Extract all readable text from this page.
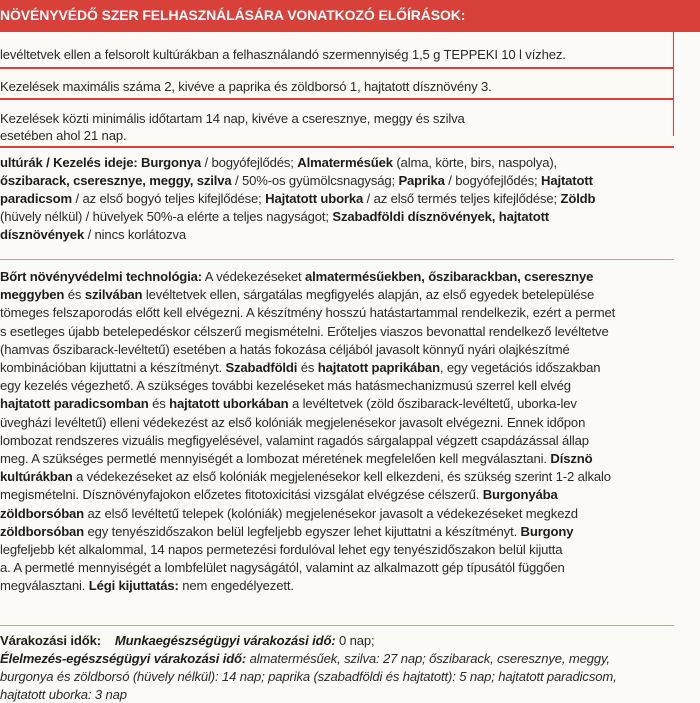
NÖVÉNYVÉDŐ SZER FELHASZNÁLÁSÁRA VONATKOZÓ ELŐÍRÁSOK:
levéltetvek ellen a felsorolt kultúrákban a felhasználandó szermennyiség 1,5 g TEPPEKI 10 l vízhez.
Kezelések maximális száma 2, kivéve a paprika és zöldborsó 1, hajtatott dísznövény 3.
Kezelések közti minimális időtartam 14 nap, kivéve a cseresznye, meggy és szilva
esetében ahol 21 nap.
ultúrák / Kezelés ideje: Burgonya / bogyófejlődés; Almatermésűek (alma, körte, birs, naspolya),
őszibarack, cseresznye, meggy, szilva / 50%-os gyümölcsnagyság; Paprika / bogyófejlődés; Hajtatott
paradicsom / az első bogyó teljes kifejlődése; Hajtatott uborka / az első termés teljes kifejlődése; Zöldb
(hüvely nélkül) / hüvelyek 50%-a elérte a teljes nagyságot; Szabadföldi dísznövények, hajtatott
dísznövények / nincs korlátozva
Bőrt növényvédelmi technológia: A védekezéseket almatermésűekben, őszibarackban, cseresznye
meggyben és szilvában levéltetvek ellen, sárgatálas megfigyelés alapján, az első egyedek betelepülése
tömeges felszaporodás előtt kell elvégezni. A készítmény hosszú hatástartammal rendelkezik, ezért a permet
s esetleges újabb betelepedéskor célszerű megismételni. Erőteljes viaszos bevonattal rendelkező levéltetve
(hamvas őszibarack-levéltetű) esetében a hatás fokozása céljából javasolt könnyű nyári olajkészítmé
kombinációban kijuttatni a készítményt. Szabadföldi és hajtatott paprikában, egy vegetációs időszakban
egy kezelés végezhető. A szükséges további kezeléseket más hatásmechanizmusú szerrel kell elvég
hajtatott paradicsomban és hajtatott uborkában a levéltetvek (zöld őszibarack-levéltetű, uborka-lev
üvegházi levéltetű) elleni védekezést az első kolóniák megjelenésekor javasolt elvégezni. Ennek időpon
lombozat rendszeres vizuális megfigyelésével, valamint ragadós sárgalappal végzett csapdázással állap
meg. A szükséges permetlé mennyiségét a lombozat méretének megfelelően kell megválasztani. Dísznö
kultúrákban a védekezéseket az első kolóniák megjelenésekor kell elkezdeni, és szükség szerint 1-2 alkalo
megismételni. Dísznövényfajokon előzetes fitotoxicitási vizsgálat elvégzése célszerű. Burgonyába
zöldborsóban az első levéltetű telepek (kolóniák) megjelenésekor javasolt a védekezéseket megkezd
zöldborsóban egy tenyészidőszakon belül legfeljebb egyszer lehet kijuttatni a készítményt. Burgony
legfeljebb két alkalommal, 14 napos permetezési fordulóval lehet egy tenyészidőszakon belül kijutta
a. A permetlé mennyiségét a lombfelület nagyságától, valamint az alkalmazott gép típusától függően
megválasztani. Légi kijuttatás: nem engedélyezett.
Várakozási idők: Munkaegészségügyi várakozási idő: 0 nap;
Élelmezés-egészségügyi várakozási idő: almatermésűek, szilva: 27 nap; őszibarack, cseresznye, meggy,
burgonya és zöldborsó (hüvely nélkül): 14 nap; paprika (szabadföldi és hajtatott): 5 nap; hajtatott paradicsom,
hajtatott uborka: 3 nap
